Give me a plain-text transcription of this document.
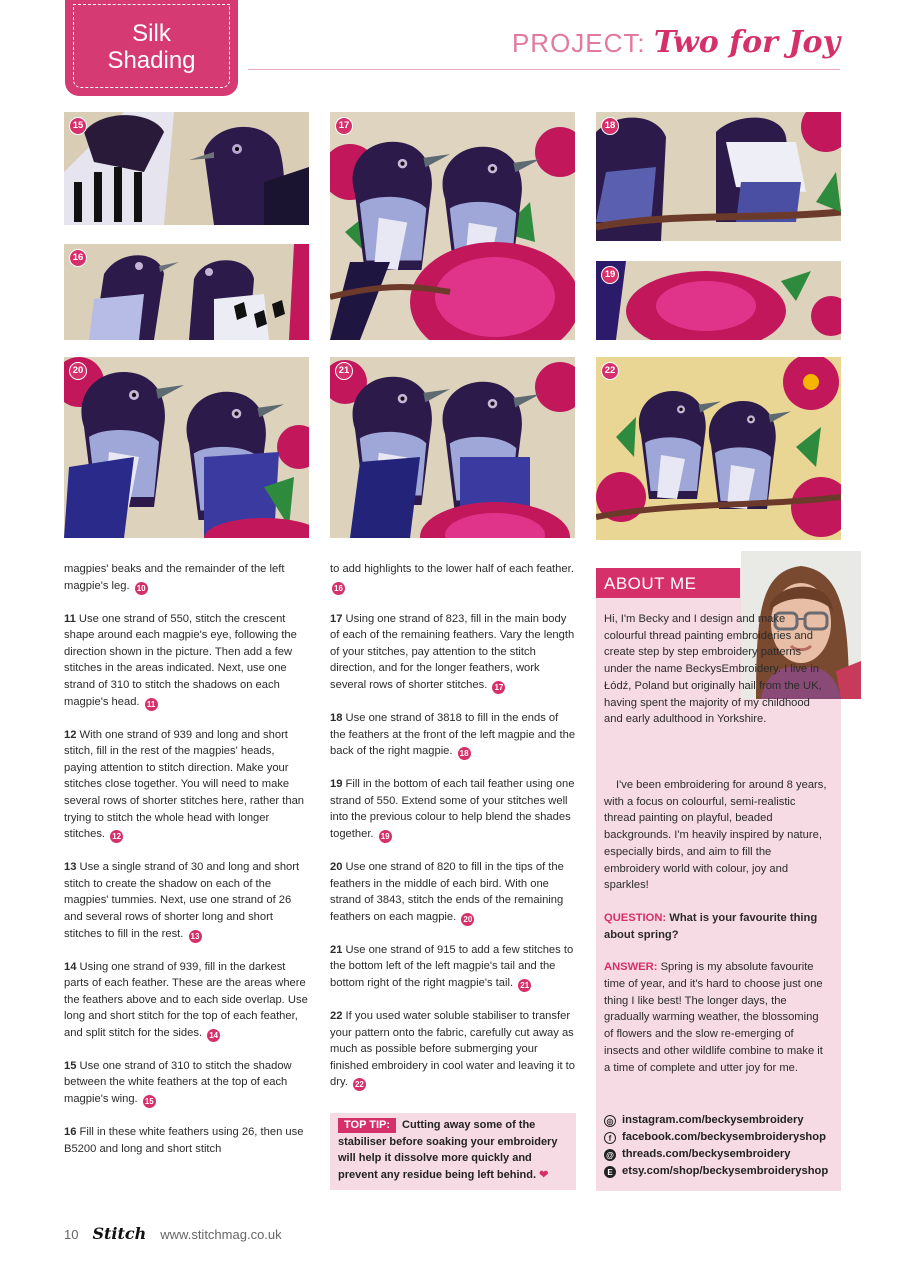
Silk
Shading
PROJECT: Two for Joy
15
16
17	18
19
20	21	22

magpies' beaks and the remainder of the left magpie's leg. 10

11 Use one strand of 550, stitch the crescent shape around each magpie's eye, following the direction shown in the picture. Then add a few stitches in the areas indicated. Next, use one strand of 310 to stitch the shadows on each magpie's head. 11

12 With one strand of 939 and long and short stitch, fill in the rest of the magpies' heads, paying attention to stitch direction. Make your stitches close together. You will need to make several rows of shorter stitches here, rather than trying to stitch the whole head with longer stitches. 12

13 Use a single strand of 30 and long and short stitch to create the shadow on each of the magpies' tummies. Next, use one strand of 26 and several rows of shorter long and short stitches to fill in the rest. 13

14 Using one strand of 939, fill in the darkest parts of each feather. These are the areas where the feathers above and to each side overlap. Use long and short stitch for the top of each feather, and split stitch for the sides. 14

15 Use one strand of 310 to stitch the shadow between the white feathers at the top of each magpie's wing. 15

16 Fill in these white feathers using 26, then use B5200 and long and short stitch

to add highlights to the lower half of each feather. 16

17 Using one strand of 823, fill in the main body of each of the remaining feathers. Vary the length of your stitches, pay attention to the stitch direction, and for the longer feathers, work several rows of shorter stitches. 17

18 Use one strand of 3818 to fill in the ends of the feathers at the front of the left magpie and the back of the right magpie. 18

19 Fill in the bottom of each tail feather using one strand of 550. Extend some of your stitches well into the previous colour to help blend the shades together. 19

20 Use one strand of 820 to fill in the tips of the feathers in the middle of each bird. With one strand of 3843, stitch the ends of the remaining feathers on each magpie. 20

21 Use one strand of 915 to add a few stitches to the bottom left of the left magpie's tail and the bottom right of the right magpie's tail. 21

22 If you used water soluble stabiliser to transfer your pattern onto the fabric, carefully cut away as much as possible before submerging your finished embroidery in cool water and leaving it to dry. 22

TOP TIP: Cutting away some of the stabiliser before soaking your embroidery will help it dissolve more quickly and prevent any residue being left behind. ❤
ABOUT ME
Hi, I'm Becky and I design and make colourful thread painting embroideries and create step by step embroidery patterns under the name BeckysEmbroidery. I live in Łódź, Poland but originally hail from the UK, having spent the majority of my childhood and early adulthood in Yorkshire.

I've been embroidering for around 8 years, with a focus on colourful, semi-realistic thread painting on playful, beaded backgrounds. I'm heavily inspired by nature, especially birds, and aim to fill the embroidery world with colour, joy and sparkles!

QUESTION: What is your favourite thing about spring?

ANSWER: Spring is my absolute favourite time of year, and it's hard to choose just one thing I like best! The longer days, the gradually warming weather, the blossoming of flowers and the slow re-emerging of insects and other wildlife combine to make it a time of complete and utter joy for me.

◎ instagram.com/beckysembroidery
f facebook.com/beckysembroideryshop
@ threads.com/beckysembroidery
E etsy.com/shop/beckysembroideryshop
10 Stitch www.stitchmag.co.uk
